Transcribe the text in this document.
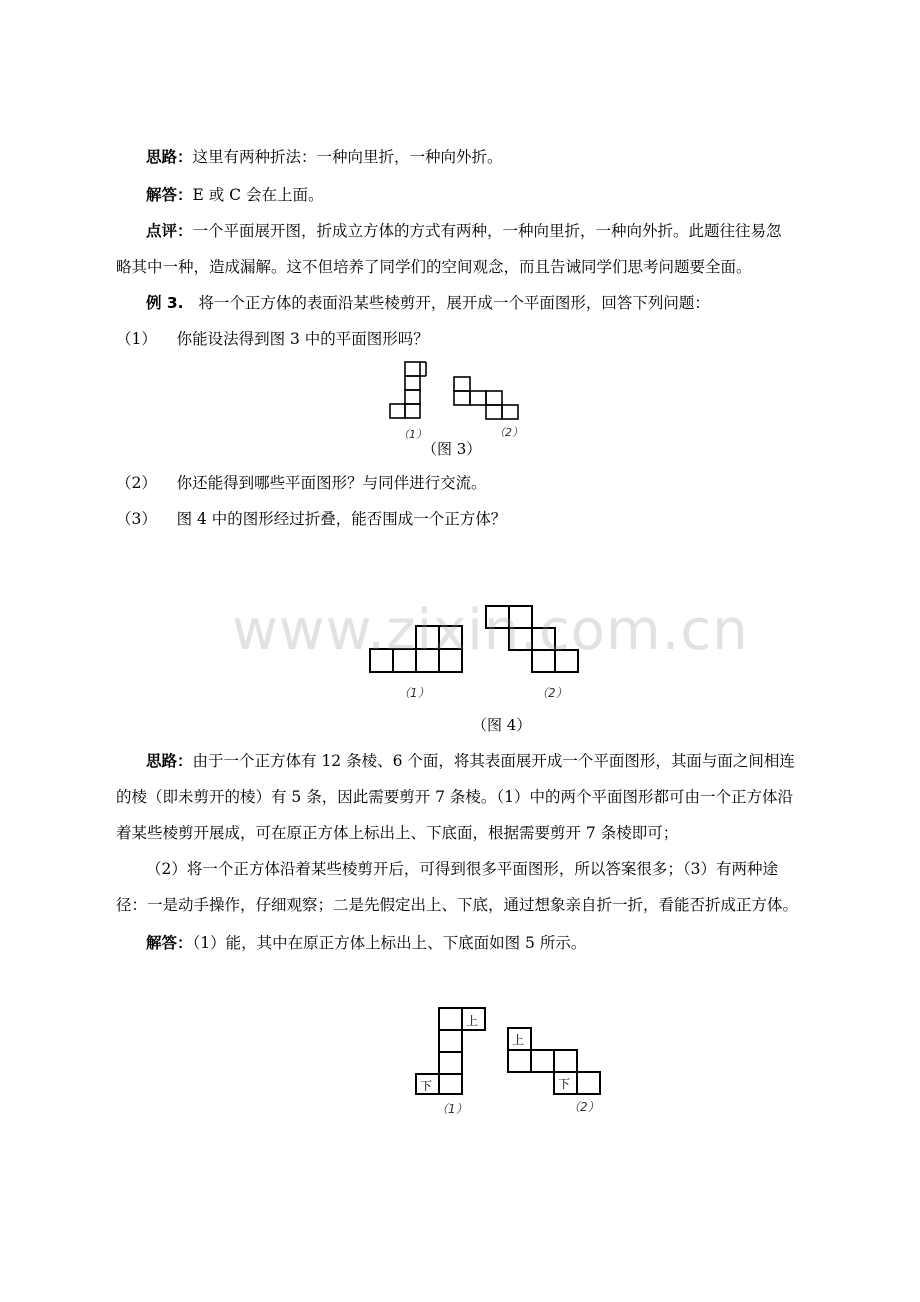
思路：这里有两种折法：一种向里折，一种向外折。
解答：E 或 C 会在上面。
点评：一个平面展开图，折成立方体的方式有两种，一种向里折，一种向外折。此题往往易忽
略其中一种，造成漏解。这不但培养了同学们的空间观念，而且告诫同学们思考问题要全面。
例 3. 将一个正方体的表面沿某些棱剪开，展开成一个平面图形，回答下列问题：
（1） 你能设法得到图 3 中的平面图形吗？
（1）	（2）
（图 3）
（2） 你还能得到哪些平面图形？与同伴进行交流。
（3） 图 4 中的图形经过折叠，能否围成一个正方体？
www.zixin.com.cn
（1）	（2）
（图 4）
思路：由于一个正方体有 12 条棱、6 个面，将其表面展开成一个平面图形，其面与面之间相连
的棱（即未剪开的棱）有 5 条，因此需要剪开 7 条棱。（1）中的两个平面图形都可由一个正方体沿
着某些棱剪开展成，可在原正方体上标出上、下底面，根据需要剪开 7 条棱即可；
（2）将一个正方体沿着某些棱剪开后，可得到很多平面图形，所以答案很多；（3）有两种途
径：一是动手操作，仔细观察；二是先假定出上、下底，通过想象亲自折一折，看能否折成正方体。
解答：（1）能，其中在原正方体上标出上、下底面如图 5 所示。
上
下
上
下
（1）	（2）
